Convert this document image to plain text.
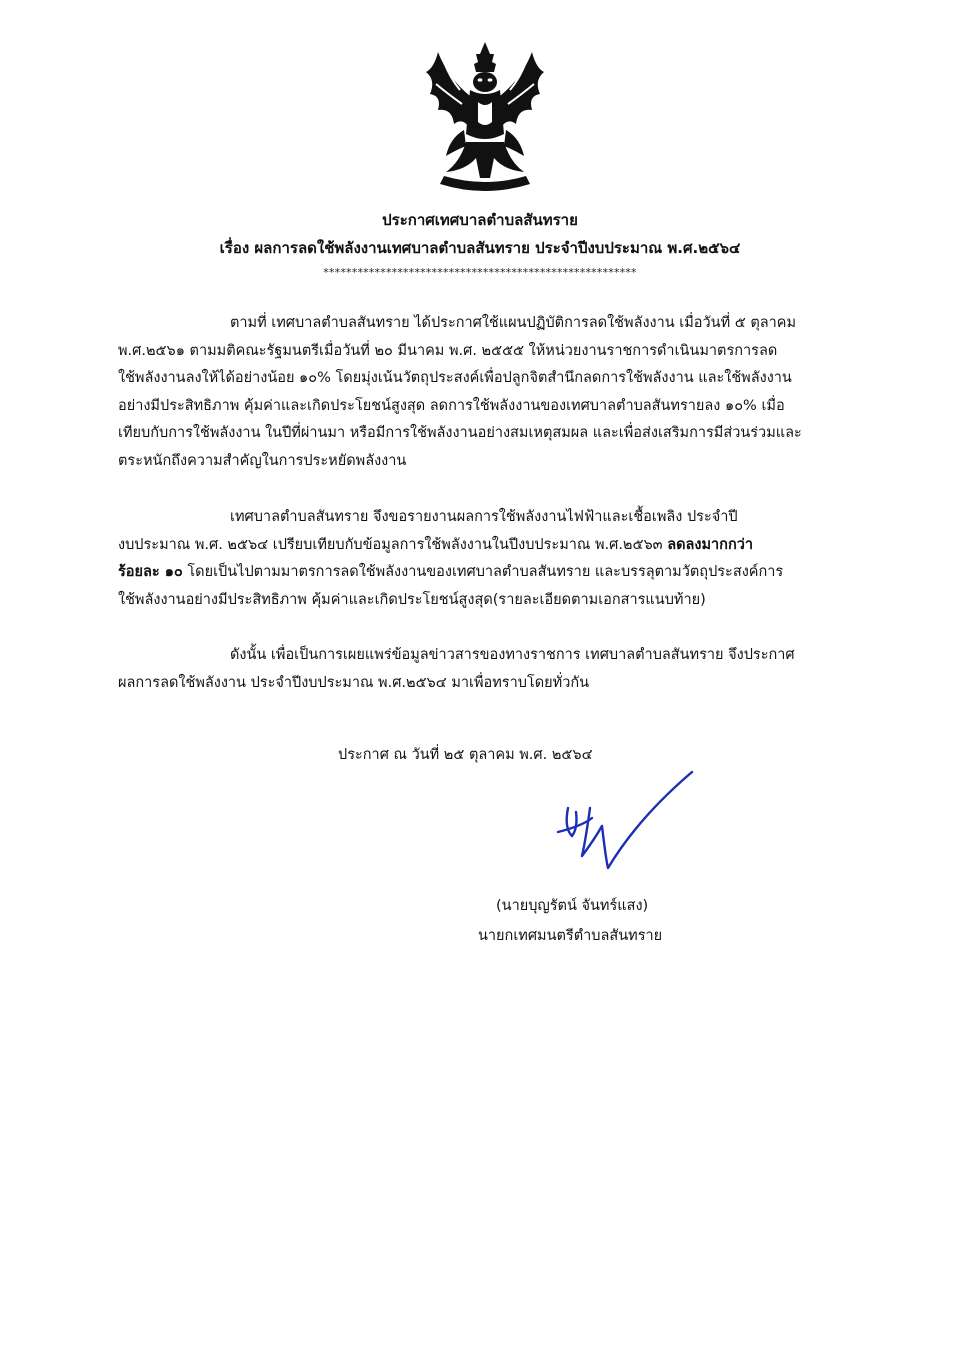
ประกาศเทศบาลตำบลสันทราย
เรื่อง ผลการลดใช้พลังงานเทศบาลตำบลสันทราย ประจำปีงบประมาณ พ.ศ.๒๕๖๔
*******************************************************
ตามที่ เทศบาลตำบลสันทราย ได้ประกาศใช้แผนปฏิบัติการลดใช้พลังงาน เมื่อวันที่ ๕ ตุลาคม
พ.ศ.๒๕๖๑ ตามมติคณะรัฐมนตรีเมื่อวันที่ ๒๐ มีนาคม พ.ศ. ๒๕๕๕ ให้หน่วยงานราชการดำเนินมาตรการลด
ใช้พลังงานลงให้ได้อย่างน้อย ๑๐% โดยมุ่งเน้นวัตถุประสงค์เพื่อปลูกจิตสำนึกลดการใช้พลังงาน และใช้พลังงาน
อย่างมีประสิทธิภาพ คุ้มค่าและเกิดประโยชน์สูงสุด ลดการใช้พลังงานของเทศบาลตำบลสันทรายลง ๑๐% เมื่อ
เทียบกับการใช้พลังงาน ในปีที่ผ่านมา หรือมีการใช้พลังงานอย่างสมเหตุสมผล และเพื่อส่งเสริมการมีส่วนร่วมและ
ตระหนักถึงความสำคัญในการประหยัดพลังงาน
เทศบาลตำบลสันทราย จึงขอรายงานผลการใช้พลังงานไฟฟ้าและเชื้อเพลิง ประจำปี
งบประมาณ พ.ศ. ๒๕๖๔ เปรียบเทียบกับข้อมูลการใช้พลังงานในปีงบประมาณ พ.ศ.๒๕๖๓ ลดลงมากกว่า
ร้อยละ ๑๐ โดยเป็นไปตามมาตรการลดใช้พลังงานของเทศบาลตำบลสันทราย และบรรลุตามวัตถุประสงค์การ
ใช้พลังงานอย่างมีประสิทธิภาพ คุ้มค่าและเกิดประโยชน์สูงสุด(รายละเอียดตามเอกสารแนบท้าย)
ดังนั้น เพื่อเป็นการเผยแพร่ข้อมูลข่าวสารของทางราชการ เทศบาลตำบลสันทราย จึงประกาศ
ผลการลดใช้พลังงาน ประจำปีงบประมาณ พ.ศ.๒๕๖๔ มาเพื่อทราบโดยทั่วกัน
ประกาศ ณ วันที่ ๒๕ ตุลาคม พ.ศ. ๒๕๖๔
(นายบุญรัตน์ จันทร์แสง)
นายกเทศมนตรีตำบลสันทราย
